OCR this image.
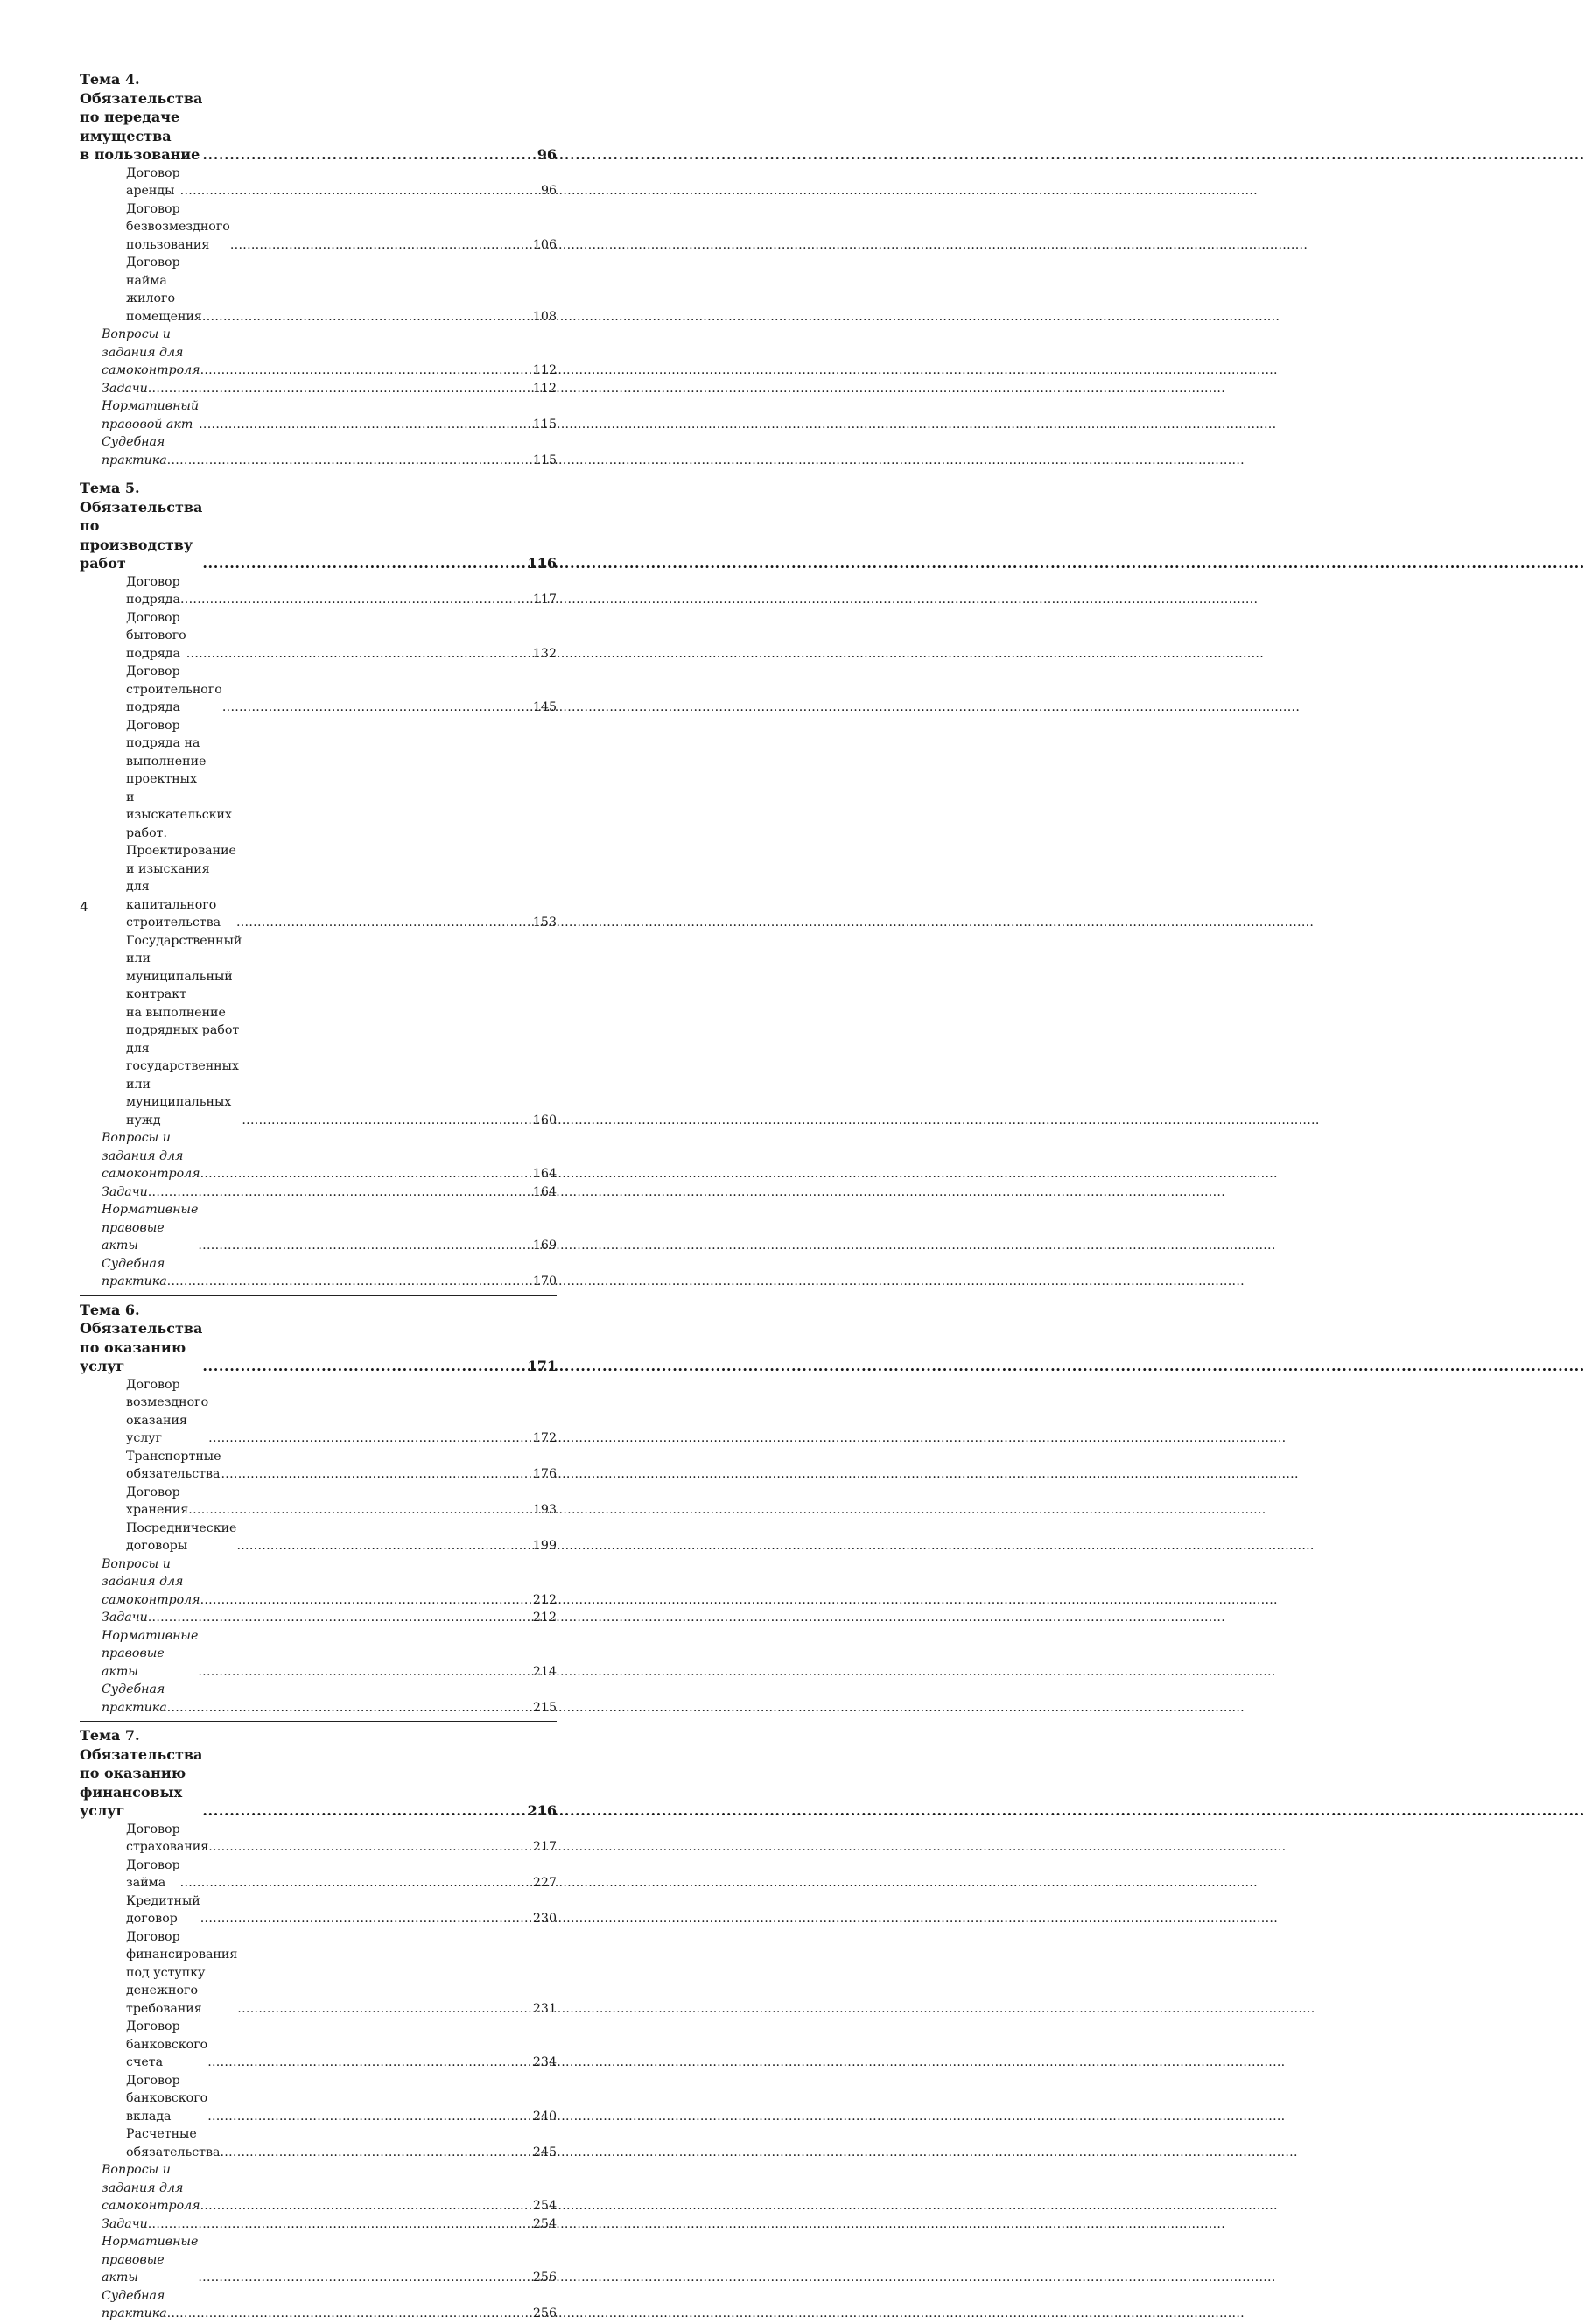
Тема 4. Обязательства по передаче имущества
в пользование .....	96
Договор аренды .....	96
Договор безвозмездного пользования .....	106
Договор найма жилого помещения .....	108
Вопросы и задания для самоконтроля .....	112
Задачи .....	112
Нормативный правовой акт .....	115
Судебная практика .....	115
Тема 5. Обязательства по производству работ .....	116
Договор подряда .....	117
Договор бытового подряда .....	132
Договор строительного подряда .....	145
Договор подряда на выполнение проектных
и изыскательских работ. Проектирование и изыскания
для капитального строительства .....	153
Государственный или муниципальный контракт
на выполнение подрядных работ для государственных
или муниципальных нужд .....	160
Вопросы и задания для самоконтроля .....	164
Задачи .....	164
Нормативные правовые акты .....	169
Судебная практика .....	170
Тема 6. Обязательства по оказанию услуг .....	171
Договор возмездного оказания услуг .....	172
Транспортные обязательства .....	176
Договор хранения .....	193
Посреднические договоры .....	199
Вопросы и задания для самоконтроля .....	212
Задачи .....	212
Нормативные правовые акты .....	214
Судебная практика .....	215
Тема 7. Обязательства по оказанию финансовых услуг .....	216
Договор страхования .....	217
Договор займа .....	227
Кредитный договор .....	230
Договор финансирования под уступку денежного требования .....	231
Договор банковского счета .....	234
Договор банковского вклада .....	240
Расчетные обязательства .....	245
Вопросы и задания для самоконтроля .....	254
Задачи .....	254
Нормативные правовые акты .....	256
Судебная практика .....	256
4
